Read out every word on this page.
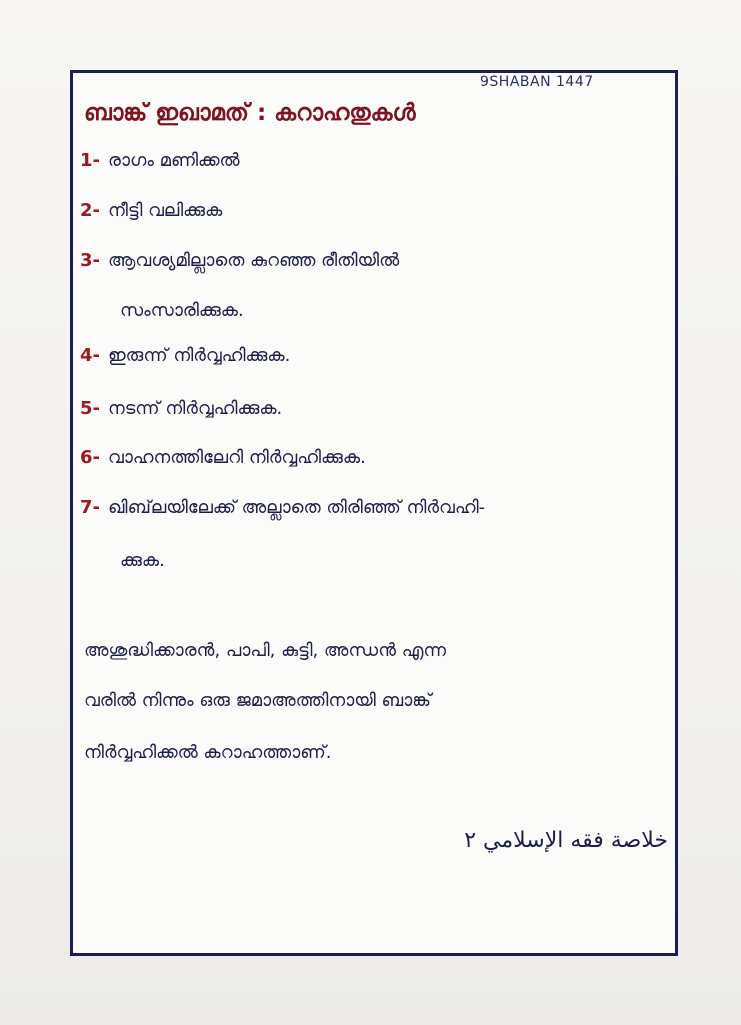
9SHABAN 1447
ബാങ്ക് ഇഖാമത് : കറാഹതുകൾ
1- രാഗം മണിക്കൽ
2- നീട്ടി വലിക്കുക
3- ആവശ്യമില്ലാതെ കുറഞ്ഞ രീതിയിൽ
സംസാരിക്കുക.
4- ഇരുന്ന് നിർവ്വഹിക്കുക.
5- നടന്ന് നിർവ്വഹിക്കുക.
6- വാഹനത്തിലേറി നിർവ്വഹിക്കുക.
7- ഖിബ്‌ലയിലേക്ക് അല്ലാതെ തിരിഞ്ഞ് നിർവഹി-
ക്കുക.
അശുദ്ധിക്കാരൻ, പാപി, കുട്ടി, അന്ധൻ എന്ന
വരിൽ നിന്നും ഒരു ജമാഅത്തിനായി ബാങ്ക്
നിർവ്വഹിക്കൽ കറാഹത്താണ്.
خلاصة فقه الإسلامي ٢
